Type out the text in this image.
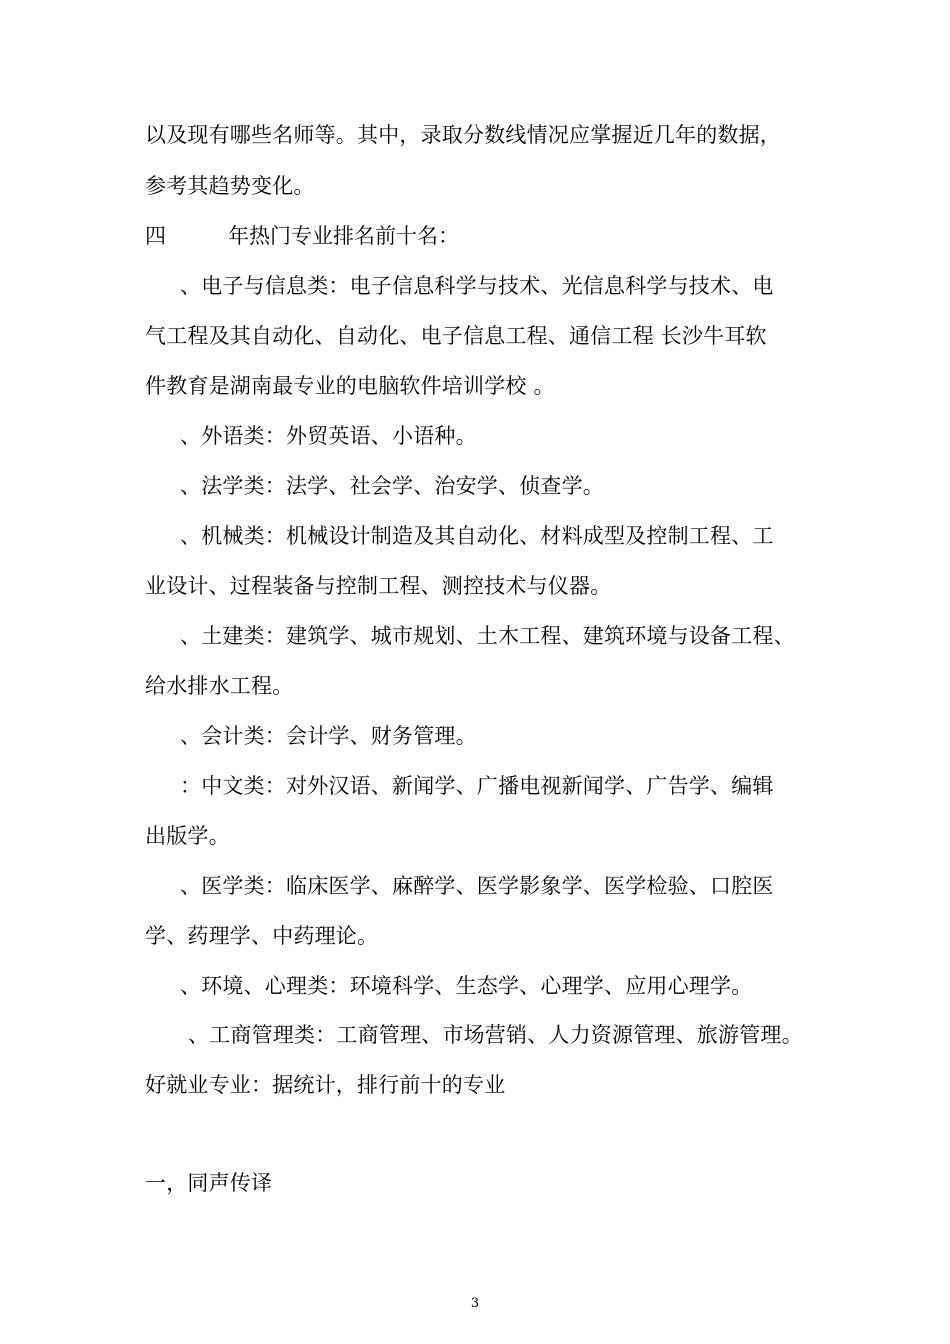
以及现有哪些名师等。其中，录取分数线情况应掌握近几年的数据，
参考其趋势变化。
四	年热门专业排名前十名：
、电子与信息类：电子信息科学与技术、光信息科学与技术、电
气工程及其自动化、自动化、电子信息工程、通信工程 长沙牛耳软
件教育是湖南最专业的电脑软件培训学校 。
、外语类：外贸英语、小语种。
、法学类：法学、社会学、治安学、侦查学。
、机械类：机械设计制造及其自动化、材料成型及控制工程、工
业设计、过程装备与控制工程、测控技术与仪器。
、土建类：建筑学、城市规划、土木工程、建筑环境与设备工程、
给水排水工程。
、会计类：会计学、财务管理。
：中文类：对外汉语、新闻学、广播电视新闻学、广告学、编辑
出版学。
、医学类：临床医学、麻醉学、医学影象学、医学检验、口腔医
学、药理学、中药理论。
、环境、心理类：环境科学、生态学、心理学、应用心理学。
、工商管理类：工商管理、市场营销、人力资源管理、旅游管理。
好就业专业：据统计，排行前十的专业
一，同声传译
3
